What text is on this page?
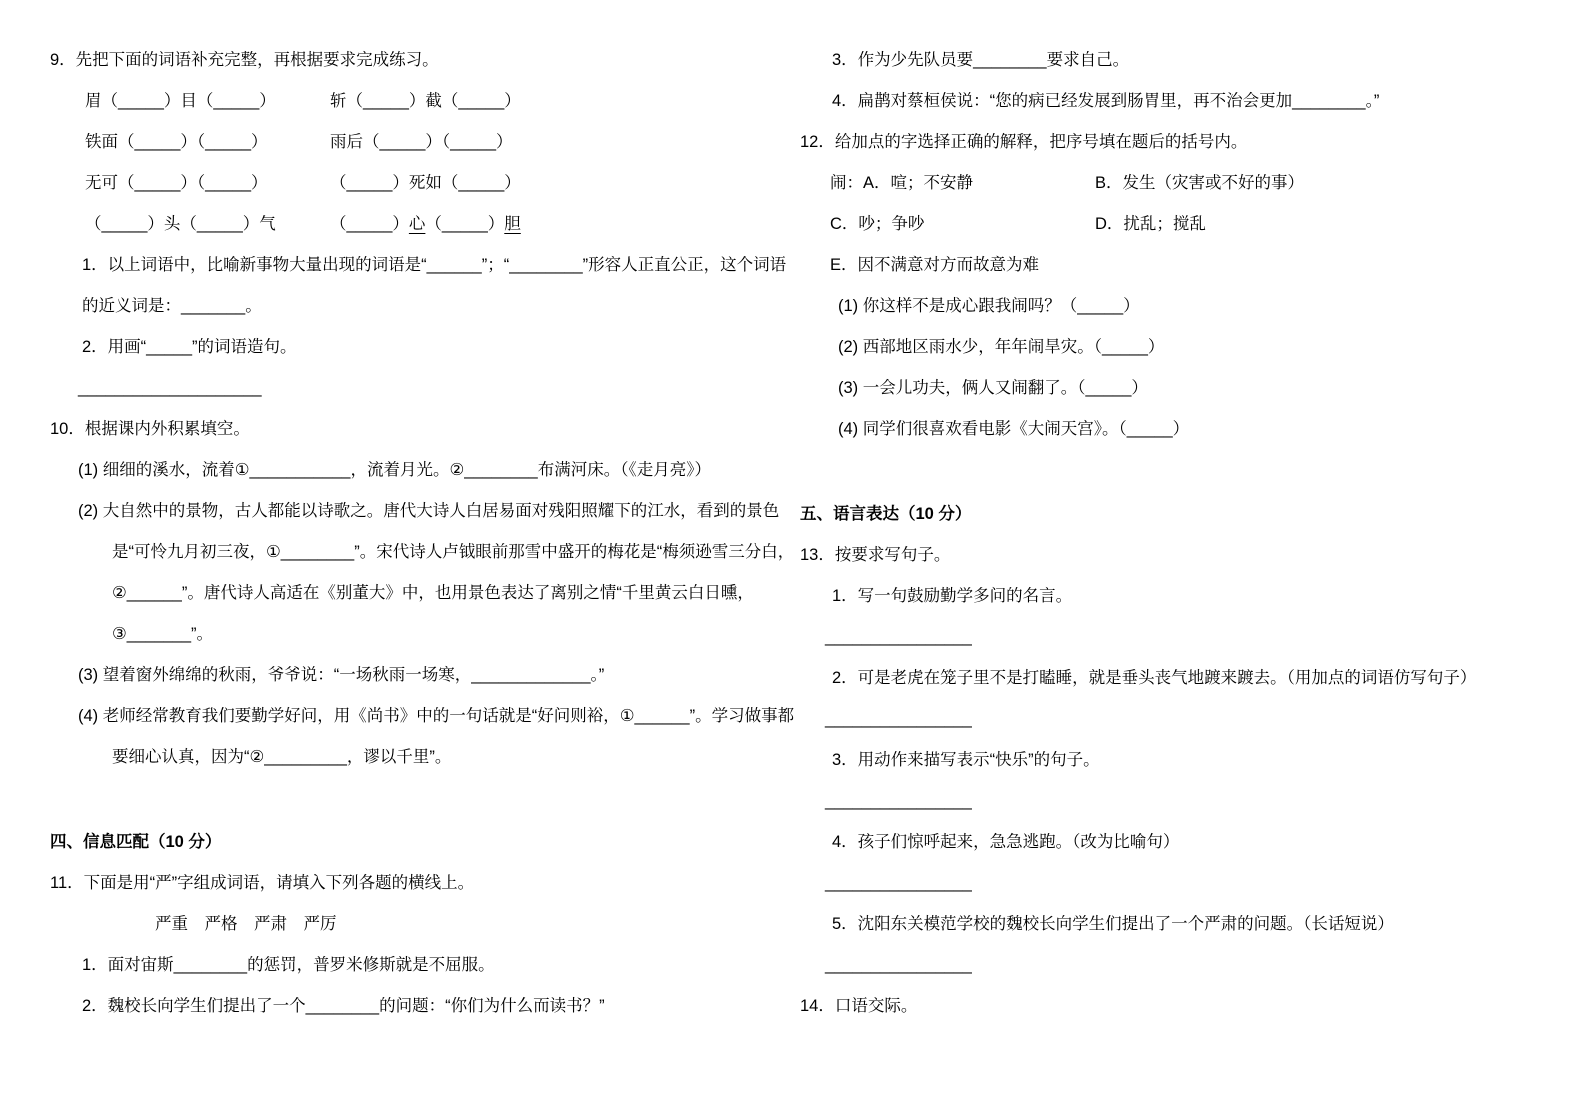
9．先把下面的词语补充完整，再根据要求完成练习。

眉（_____）目（_____）	斩（_____）截（_____）

铁面（_____）（_____）	雨后（_____）（_____）

无可（_____）（_____）	（_____）死如（_____）

（_____）头（_____）气	（_____）心（_____）胆

1．以上词语中，比喻新事物大量出现的词语是“______”；“________”形容人正直公正，这个词语的近义词是：_______。

2．用画“_____”的词语造句。

____________________

10．根据课内外积累填空。

(1) 细细的溪水，流着①___________，流着月光。②________布满河床。（《走月亮》）

(2) 大自然中的景物，古人都能以诗歌之。唐代大诗人白居易面对残阳照耀下的江水，看到的景色是“可怜九月初三夜，①________”。宋代诗人卢钺眼前那雪中盛开的梅花是“梅须逊雪三分白，②______”。唐代诗人高适在《别董大》中，也用景色表达了离别之情“千里黄云白日曛，③_______”。

(3) 望着窗外绵绵的秋雨，爷爷说：“一场秋雨一场寒，_____________。”

(4) 老师经常教育我们要勤学好问，用《尚书》中的一句话就是“好问则裕，①______”。学习做事都要细心认真，因为“②_________，谬以千里”。

四、信息匹配（10 分）

11．下面是用“严”字组成词语，请填入下列各题的横线上。

严重　严格　严肃　严厉

1．面对宙斯________的惩罚，普罗米修斯就是不屈服。

2．魏校长向学生们提出了一个________的问题：“你们为什么而读书？”

3．作为少先队员要________要求自己。

4．扁鹊对蔡桓侯说：“您的病已经发展到肠胃里，再不治会更加________。”

12．给加点的字选择正确的解释，把序号填在题后的括号内。

闹：A．喧；不安静	B．发生（灾害或不好的事）

C．吵；争吵	D．扰乱；搅乱

E．因不满意对方而故意为难

(1) 你这样不是成心跟我闹吗？（_____）

(2) 西部地区雨水少，年年闹旱灾。（_____）

(3) 一会儿功夫，俩人又闹翻了。（_____）

(4) 同学们很喜欢看电影《大闹天宫》。（_____）

五、语言表达（10 分）

13．按要求写句子。

1．写一句鼓励勤学多问的名言。

________________

2．可是老虎在笼子里不是打瞌睡，就是垂头丧气地踱来踱去。（用加点的词语仿写句子）

________________

3．用动作来描写表示“快乐”的句子。

________________

4．孩子们惊呼起来，急急逃跑。（改为比喻句）

________________

5．沈阳东关模范学校的魏校长向学生们提出了一个严肃的问题。（长话短说）

________________

14．口语交际。
